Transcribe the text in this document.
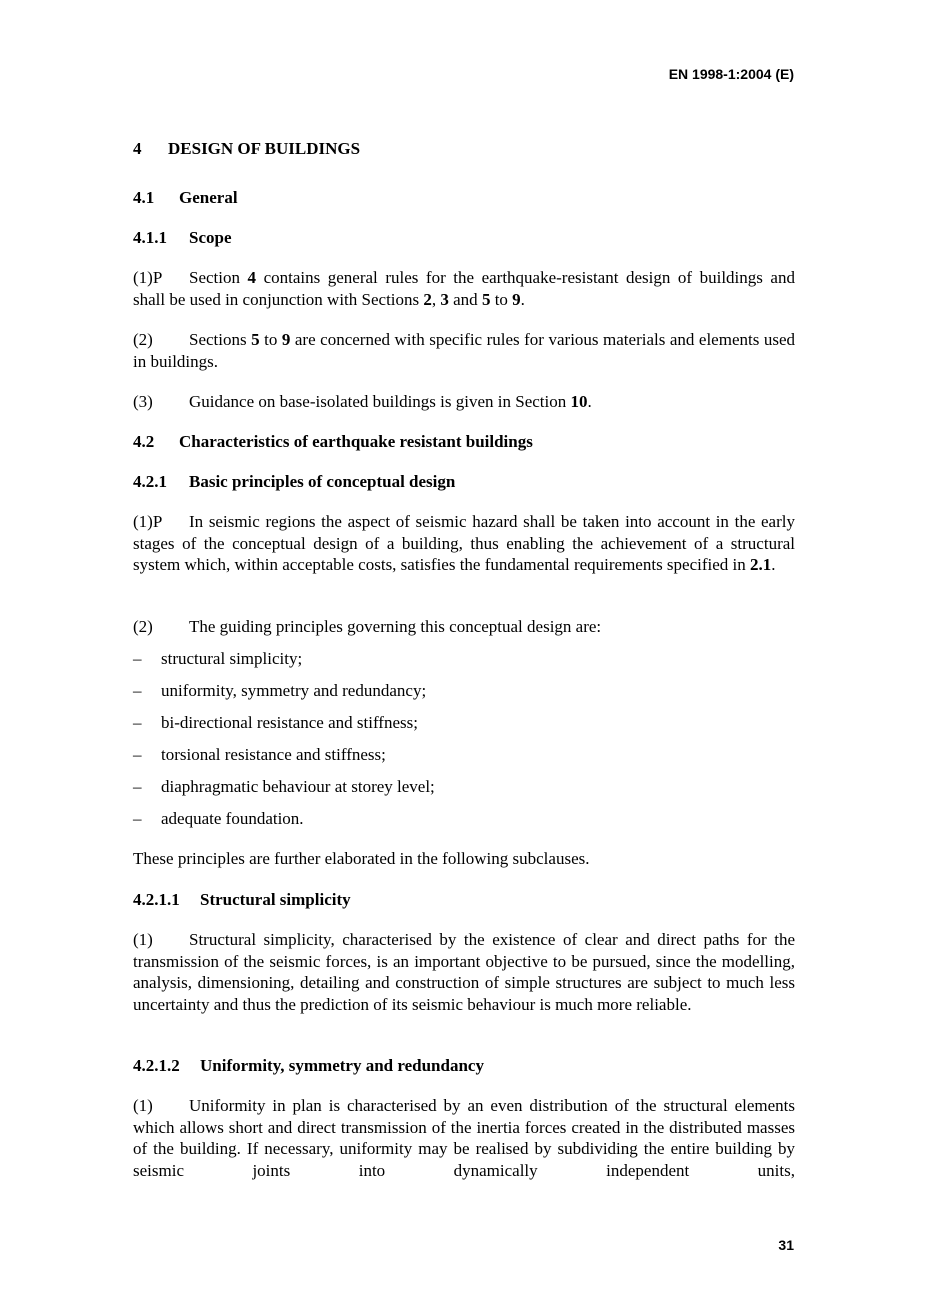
EN 1998-1:2004 (E)
4 DESIGN OF BUILDINGS
4.1 General
4.1.1 Scope
(1)P Section 4 contains general rules for the earthquake-resistant design of buildings and shall be used in conjunction with Sections 2, 3 and 5 to 9.
(2) Sections 5 to 9 are concerned with specific rules for various materials and elements used in buildings.
(3) Guidance on base-isolated buildings is given in Section 10.
4.2 Characteristics of earthquake resistant buildings
4.2.1 Basic principles of conceptual design
(1)P In seismic regions the aspect of seismic hazard shall be taken into account in the early stages of the conceptual design of a building, thus enabling the achievement of a structural system which, within acceptable costs, satisfies the fundamental requirements specified in 2.1.
(2) The guiding principles governing this conceptual design are:
– structural simplicity;
– uniformity, symmetry and redundancy;
– bi-directional resistance and stiffness;
– torsional resistance and stiffness;
– diaphragmatic behaviour at storey level;
– adequate foundation.
These principles are further elaborated in the following subclauses.
4.2.1.1 Structural simplicity
(1) Structural simplicity, characterised by the existence of clear and direct paths for the transmission of the seismic forces, is an important objective to be pursued, since the modelling, analysis, dimensioning, detailing and construction of simple structures are subject to much less uncertainty and thus the prediction of its seismic behaviour is much more reliable.
4.2.1.2 Uniformity, symmetry and redundancy
(1) Uniformity in plan is characterised by an even distribution of the structural elements which allows short and direct transmission of the inertia forces created in the distributed masses of the building. If necessary, uniformity may be realised by subdividing the entire building by seismic joints into dynamically independent units,
31
